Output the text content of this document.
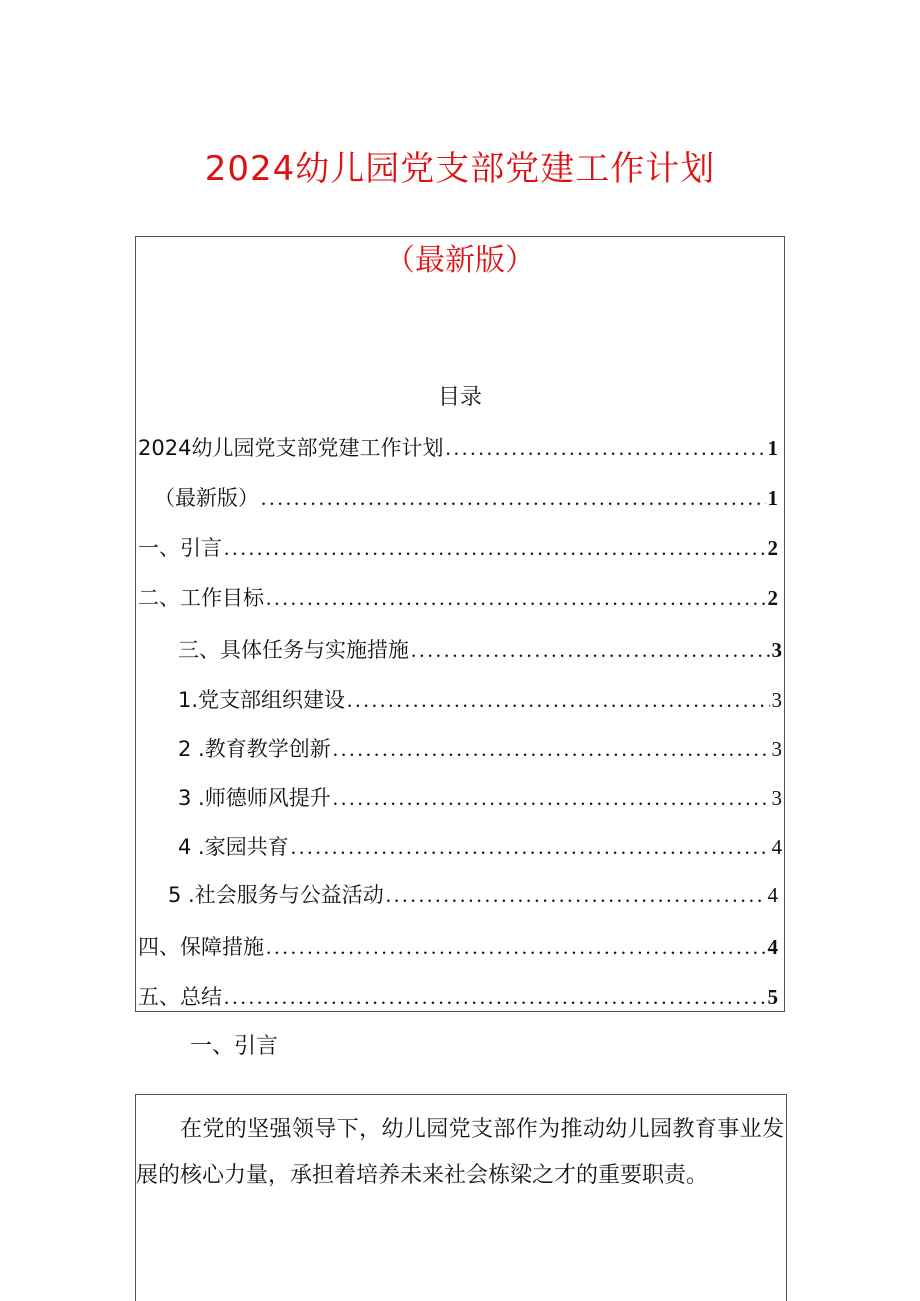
2024幼儿园党支部党建工作计划
（最新版）
目录
2024幼儿园党支部党建工作计划 .....	1
（最新版） .....	1
一、引言 .....	2
二、工作目标 .....	2
三、具体任务与实施措施 .....	3
1.党支部组织建设 .....	3
2 .教育教学创新 .....	3
3 .师德师风提升 .....	3
4 .家园共育 .....	4
5 .社会服务与公益活动 .....	4
四、保障措施 .....	4
五、总结 .....	5
一、引言

在党的坚强领导下，幼儿园党支部作为推动幼儿园教育事业发展的核心力量，承担着培养未来社会栋梁之才的重要职责。
